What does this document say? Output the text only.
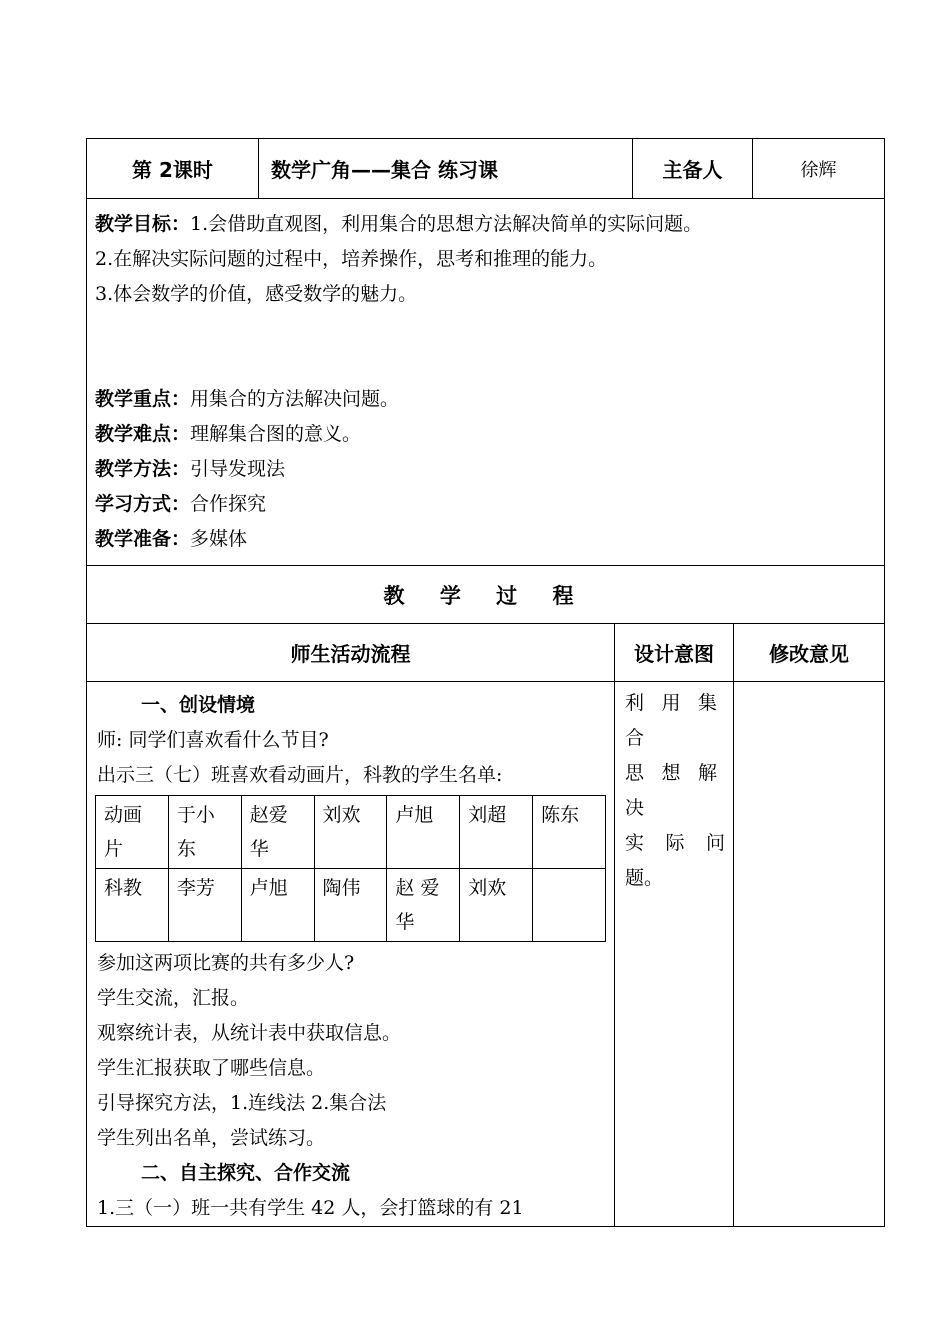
第 2课时	数学广角——集合 练习课	主备人	徐辉

教学目标：1.会借助直观图，利用集合的思想方法解决简单的实际问题。
2.在解决实际问题的过程中，培养操作，思考和推理的能力。
3.体会数学的价值，感受数学的魅力。
教学重点：用集合的方法解决问题。
教学难点：理解集合图的意义。
教学方法：引导发现法
学习方式：合作探究
教学准备：多媒体

教 学 过 程
师生活动流程	设计意图	修改意见

一、创设情境
师: 同学们喜欢看什么节目?
出示三（七）班喜欢看动画片，科教的学生名单:
动画片	于小东	赵爱华	刘欢	卢旭	刘超	陈东
科教	李芳	卢旭	陶伟	赵 爱 华	刘欢	
参加这两项比赛的共有多少人?
学生交流，汇报。
观察统计表，从统计表中获取信息。
学生汇报获取了哪些信息。
引导探究方法，1.连线法 2.集合法
学生列出名单，尝试练习。
二、自主探究、合作交流
1.三（一）班一共有学生 42 人，会打篮球的有 21

利用集合
思想解决
实 际 问
题。
